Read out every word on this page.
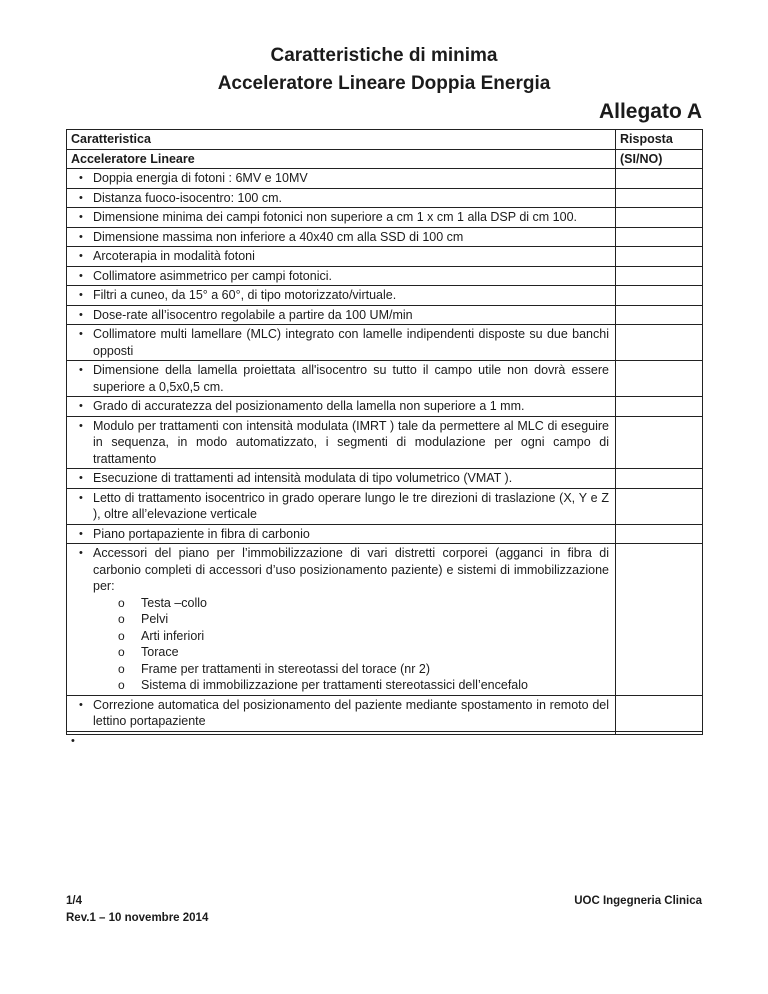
Caratteristiche di minima
Acceleratore Lineare Doppia Energia
Allegato A
Caratteristica	Risposta
Acceleratore Lineare	(SI/NO)

• Doppia energia di fotoni : 6MV e 10MV	

• Distanza fuoco-isocentro: 100 cm.	

• Dimensione minima dei campi fotonici non superiore a cm 1 x cm 1 alla DSP di cm 100.	

• Dimensione massima non inferiore a 40x40 cm alla SSD di 100 cm	

• Arcoterapia in modalità fotoni	

• Collimatore asimmetrico per campi fotonici.	

• Filtri a cuneo, da 15° a 60°, di tipo motorizzato/virtuale.	

• Dose-rate all’isocentro regolabile a partire da 100 UM/min	

• Collimatore multi lamellare (MLC) integrato con lamelle indipendenti disposte su due banchi opposti	

• Dimensione della lamella proiettata all'isocentro su tutto il campo utile non dovrà essere superiore a 0,5x0,5 cm.	

• Grado di accuratezza del posizionamento della lamella non superiore a 1 mm.	

• Modulo per trattamenti con intensità modulata (IMRT ) tale da permettere al MLC di eseguire in sequenza, in modo automatizzato, i segmenti di modulazione per ogni campo di trattamento	

• Esecuzione di trattamenti ad intensità modulata di tipo volumetrico (VMAT ).	

• Letto di trattamento isocentrico in grado operare lungo le tre direzioni di traslazione (X, Y e Z ), oltre all’elevazione verticale	

• Piano portapaziente in fibra di carbonio	

• Accessori del piano per l’immobilizzazione di vari distretti corporei (agganci in fibra di carbonio completi di accessori d’uso posizionamento paziente) e sistemi di immobilizzazione per:
o Testa –collo
o Pelvi
o Arti inferiori
o Torace
o Frame per trattamenti in stereotassi del torace (nr 2)
o Sistema di immobilizzazione per trattamenti stereotassici dell’encefalo

• Correzione automatica del posizionamento del paziente mediante spostamento in remoto del lettino portapaziente	

•	

1/4
Rev.1 – 10 novembre 2014
UOC Ingegneria Clinica
